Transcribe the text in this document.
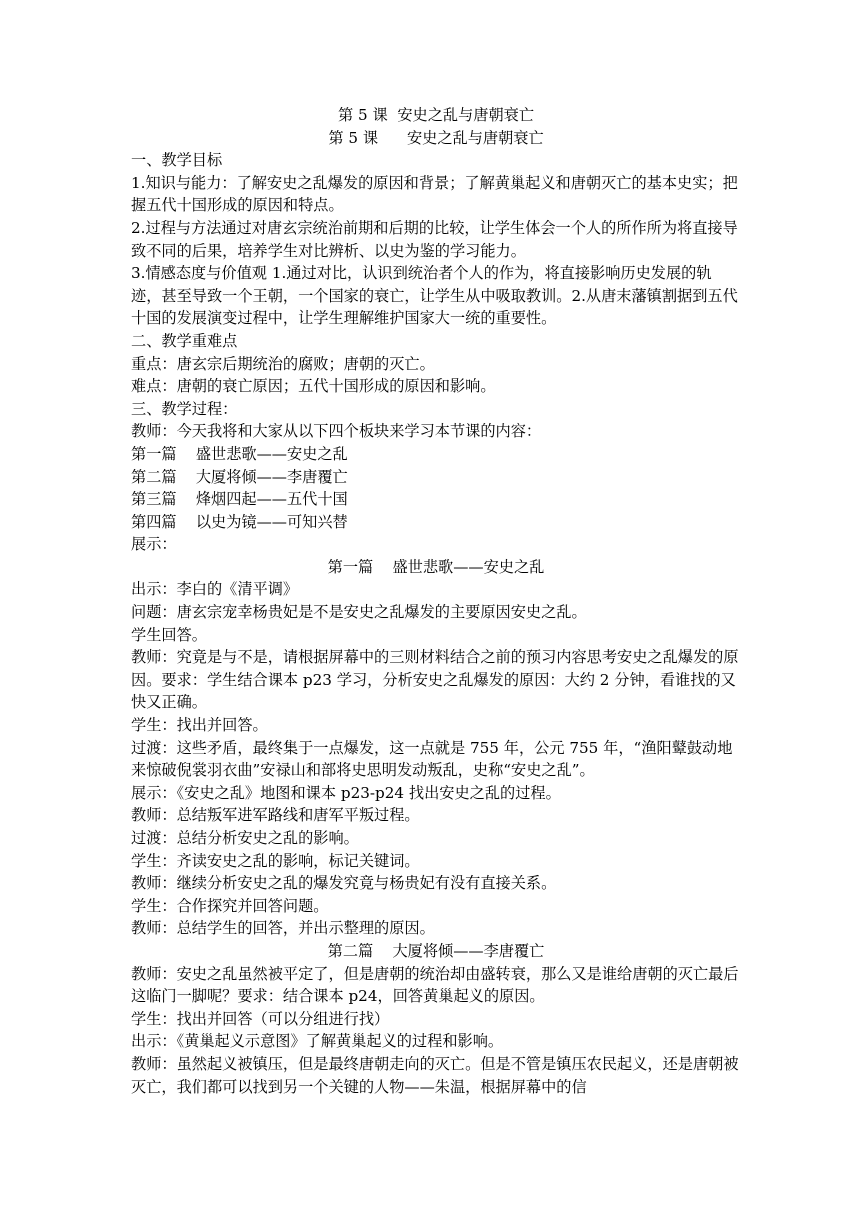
第 5 课  安史之乱与唐朝衰亡

第 5 课      安史之乱与唐朝衰亡

一、教学目标

1.知识与能力：了解安史之乱爆发的原因和背景；了解黄巢起义和唐朝灭亡的基本史实；把握五代十国形成的原因和特点。

2.过程与方法通过对唐玄宗统治前期和后期的比较，让学生体会一个人的所作所为将直接导致不同的后果，培养学生对比辨析、以史为鉴的学习能力。

3.情感态度与价值观 1.通过对比，认识到统治者个人的作为，将直接影响历史发展的轨迹，甚至导致一个王朝，一个国家的衰亡，让学生从中吸取教训。2.从唐末藩镇割据到五代十国的发展演变过程中，让学生理解维护国家大一统的重要性。

二、教学重难点

重点：唐玄宗后期统治的腐败；唐朝的灭亡。

难点：唐朝的衰亡原因；五代十国形成的原因和影响。

三、教学过程：

教师：今天我将和大家从以下四个板块来学习本节课的内容：

第一篇    盛世悲歌——安史之乱

第二篇    大厦将倾——李唐覆亡

第三篇    烽烟四起——五代十国

第四篇    以史为镜——可知兴替

展示：

第一篇    盛世悲歌——安史之乱

出示：李白的《清平调》

问题：唐玄宗宠幸杨贵妃是不是安史之乱爆发的主要原因安史之乱。

学生回答。

教师：究竟是与不是，请根据屏幕中的三则材料结合之前的预习内容思考安史之乱爆发的原因。要求：学生结合课本 p23 学习，分析安史之乱爆发的原因：大约 2 分钟，看谁找的又快又正确。

学生：找出并回答。

过渡：这些矛盾，最终集于一点爆发，这一点就是 755 年，公元 755 年，“渔阳鼙鼓动地来惊破倪裳羽衣曲”安禄山和部将史思明发动叛乱，史称“安史之乱”。

展示：《安史之乱》地图和课本 p23-p24 找出安史之乱的过程。

教师：总结叛军进军路线和唐军平叛过程。

过渡：总结分析安史之乱的影响。

学生：齐读安史之乱的影响，标记关键词。

教师：继续分析安史之乱的爆发究竟与杨贵妃有没有直接关系。

学生：合作探究并回答问题。

教师：总结学生的回答，并出示整理的原因。

第二篇    大厦将倾——李唐覆亡

教师：安史之乱虽然被平定了，但是唐朝的统治却由盛转衰，那么又是谁给唐朝的灭亡最后这临门一脚呢？要求：结合课本 p24，回答黄巢起义的原因。

学生：找出并回答（可以分组进行找）

出示：《黄巢起义示意图》了解黄巢起义的过程和影响。

教师：虽然起义被镇压，但是最终唐朝走向的灭亡。但是不管是镇压农民起义，还是唐朝被灭亡，我们都可以找到另一个关键的人物——朱温，根据屏幕中的信
